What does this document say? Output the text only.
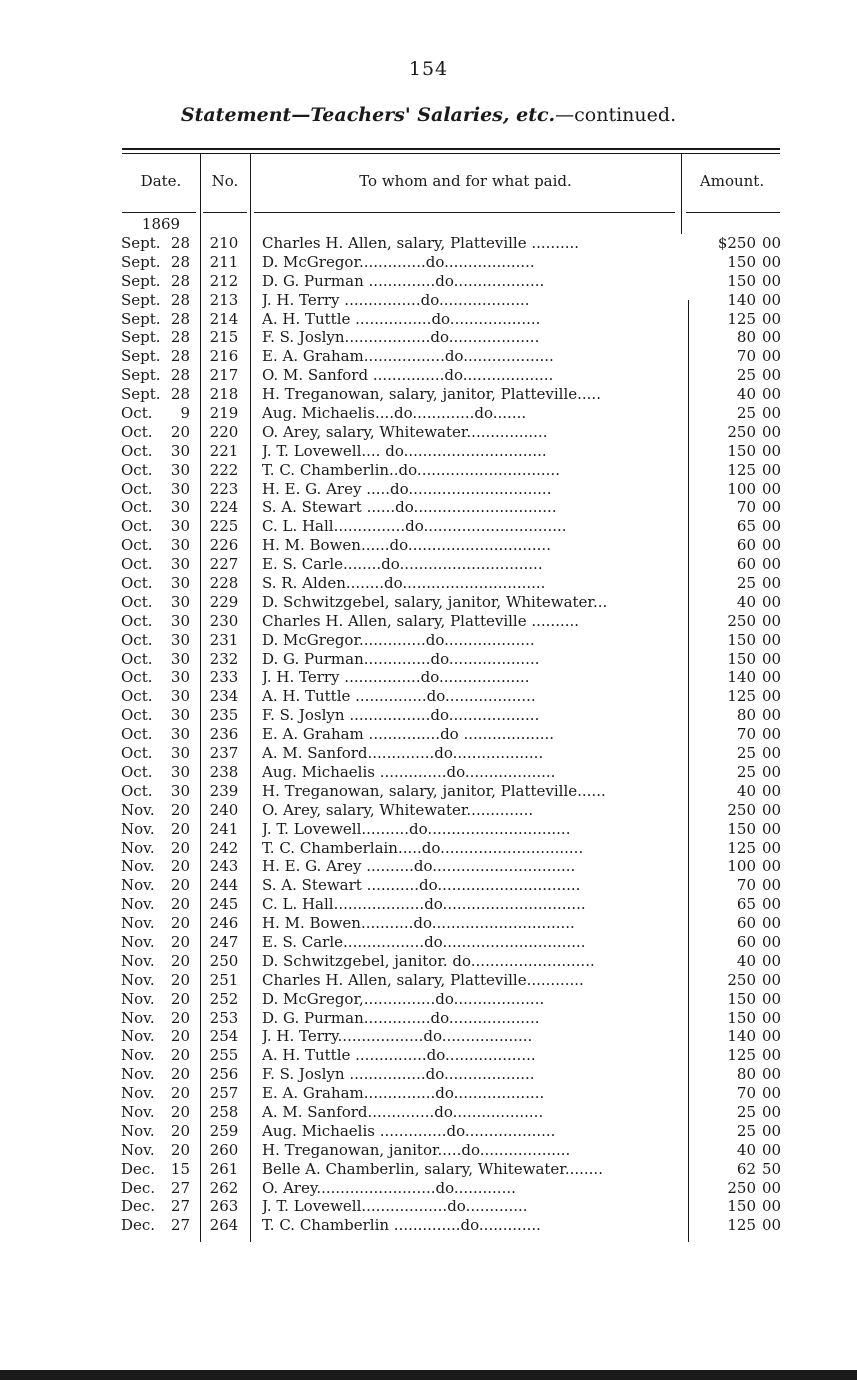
154
Statement—Teachers' Salaries, etc.—continued.
Date.	No.	To whom and for what paid.	Amount.
1869
Sept. 28 210 Charles H. Allen, salary, Platteville ..........	$250 00
Sept. 28 211 D. McGregor..............do...................	150 00
Sept. 28 212 D. G. Purman ..............do...................	150 00
Sept. 28 213 J. H. Terry ................do...................	140 00
Sept. 28 214 A. H. Tuttle ................do...................	125 00
Sept. 28 215 F. S. Joslyn..................do...................	80 00
Sept. 28 216 E. A. Graham.................do...................	70 00
Sept. 28 217 O. M. Sanford ...............do...................	25 00
Sept. 28 218 H. Treganowan, salary, janitor, Platteville.....	40 00
Oct.	9 219 Aug. Michaelis....do.............do.......	25 00
Oct.	20 220 O. Arey, salary, Whitewater.................	250 00
Oct.	30 221 J. T. Lovewell.... do..............................	150 00
Oct.	30 222 T. C. Chamberlin..do..............................	125 00
Oct.	30 223 H. E. G. Arey .....do..............................	100 00
Oct.	30 224 S. A. Stewart ......do..............................	70 00
Oct.	30 225 C. L. Hall...............do..............................	65 00
Oct.	30 226 H. M. Bowen......do..............................	60 00
Oct.	30 227 E. S. Carle........do..............................	60 00
Oct.	30 228 S. R. Alden........do..............................	25 00
Oct.	30 229 D. Schwitzgebel, salary, janitor, Whitewater...	40 00
Oct.	30 230 Charles H. Allen, salary, Platteville ..........	250 00
Oct.	30 231 D. McGregor..............do...................	150 00
Oct.	30 232 D. G. Purman..............do...................	150 00
Oct.	30 233 J. H. Terry ................do...................	140 00
Oct.	30 234 A. H. Tuttle ...............do...................	125 00
Oct.	30 235 F. S. Joslyn .................do...................	80 00
Oct.	30 236 E. A. Graham ...............do ...................	70 00
Oct.	30 237 A. M. Sanford..............do...................	25 00
Oct.	30 238 Aug. Michaelis ..............do...................	25 00
Oct.	30 239 H. Treganowan, salary, janitor, Platteville......	40 00
Nov.	20 240 O. Arey, salary, Whitewater..............	250 00
Nov.	20 241 J. T. Lovewell..........do..............................	150 00
Nov.	20 242 T. C. Chamberlain.....do..............................	125 00
Nov.	20 243 H. E. G. Arey ..........do..............................	100 00
Nov.	20 244 S. A. Stewart ...........do..............................	70 00
Nov.	20 245 C. L. Hall...................do..............................	65 00
Nov.	20 246 H. M. Bowen...........do..............................	60 00
Nov.	20 247 E. S. Carle.................do..............................	60 00
Nov.	20 250 D. Schwitzgebel, janitor. do..........................	40 00
Nov.	20 251 Charles H. Allen, salary, Platteville............	250 00
Nov.	20 252 D. McGregor,...............do...................	150 00
Nov.	20 253 D. G. Purman..............do...................	150 00
Nov.	20 254 J. H. Terry..................do...................	140 00
Nov.	20 255 A. H. Tuttle ...............do...................	125 00
Nov.	20 256 F. S. Joslyn ................do...................	80 00
Nov.	20 257 E. A. Graham...............do...................	70 00
Nov.	20 258 A. M. Sanford..............do...................	25 00
Nov.	20 259 Aug. Michaelis ..............do...................	25 00
Nov.	20 260 H. Treganowan, janitor.....do...................	40 00
Dec.	15 261 Belle A. Chamberlin, salary, Whitewater........	62 50
Dec.	27 262 O. Arey.........................do.............	250 00
Dec.	27 263 J. T. Lovewell..................do.............	150 00
Dec.	27 264 T. C. Chamberlin ..............do.............	125 00
